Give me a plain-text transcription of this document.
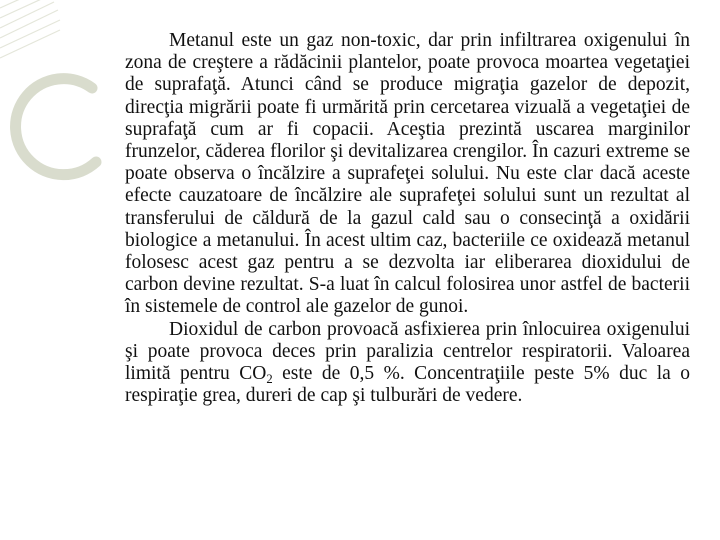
Metanul este un gaz non-toxic, dar prin infiltrarea oxigenului în zona de creştere a rădăcinii plantelor, poate provoca moartea vegetaţiei de suprafaţă. Atunci când se produce migraţia gazelor de depozit, direcţia migrării poate fi urmărită prin cercetarea vizuală a vegetaţiei de suprafaţă cum ar fi copacii. Aceştia prezintă uscarea marginilor frunzelor, căderea florilor şi devitalizarea crengilor. În cazuri extreme se poate observa o încălzire a suprafeţei solului. Nu este clar dacă aceste efecte cauzatoare de încălzire ale suprafeţei solului sunt un rezultat al transferului de căldură de la gazul cald sau o consecinţă a oxidării biologice a metanului. În acest ultim caz, bacteriile ce oxidează metanul folosesc acest gaz pentru a se dezvolta iar eliberarea dioxidului de carbon devine rezultat. S-a luat în calcul folosirea unor astfel de bacterii în sistemele de control ale gazelor de gunoi.

Dioxidul de carbon provoacă asfixierea prin înlocuirea oxigenului şi poate provoca deces prin paralizia centrelor respiratorii. Valoarea limită pentru $CO_2$ este de 0,5 %. Concentraţiile peste 5% duc la o respiraţie grea, dureri de cap şi tulburări de vedere.
